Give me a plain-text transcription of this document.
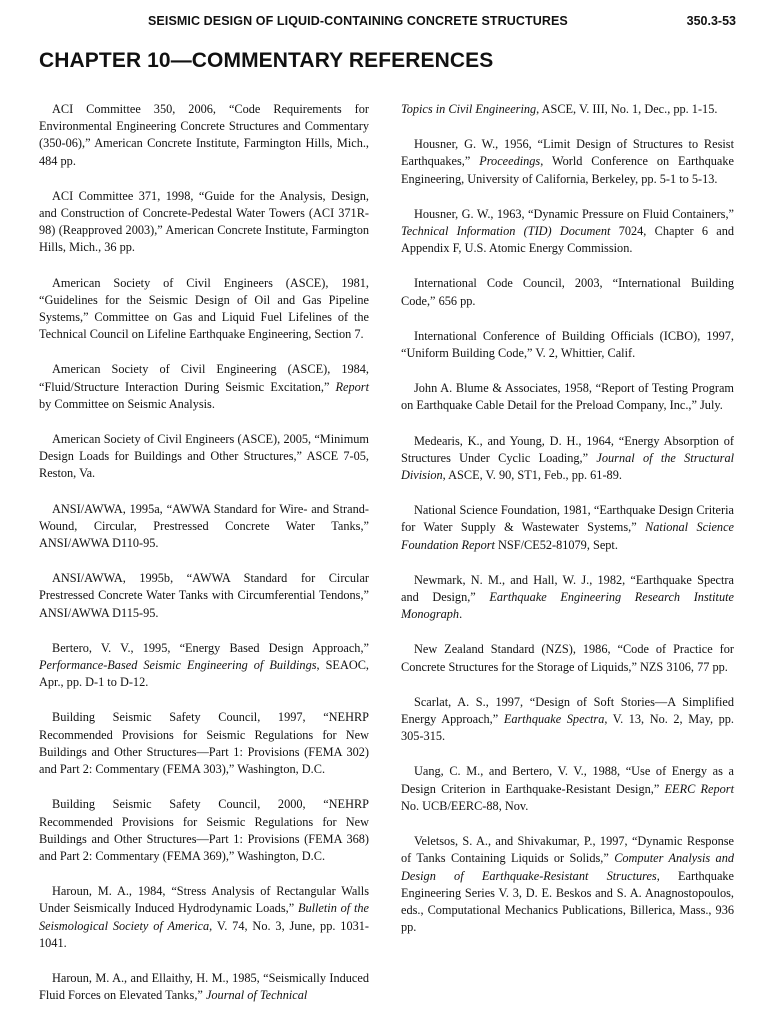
SEISMIC DESIGN OF LIQUID-CONTAINING CONCRETE STRUCTURES	350.3-53
CHAPTER 10—COMMENTARY REFERENCES

ACI Committee 350, 2006, “Code Requirements for Environmental Engineering Concrete Structures and Commentary (350-06),” American Concrete Institute, Farmington Hills, Mich., 484 pp.

ACI Committee 371, 1998, “Guide for the Analysis, Design, and Construction of Concrete-Pedestal Water Towers (ACI 371R-98) (Reapproved 2003),” American Concrete Institute, Farmington Hills, Mich., 36 pp.

American Society of Civil Engineers (ASCE), 1981, “Guidelines for the Seismic Design of Oil and Gas Pipeline Systems,” Committee on Gas and Liquid Fuel Lifelines of the Technical Council on Lifeline Earthquake Engineering, Section 7.

American Society of Civil Engineering (ASCE), 1984, “Fluid/Structure Interaction During Seismic Excitation,” Report by Committee on Seismic Analysis.

American Society of Civil Engineers (ASCE), 2005, “Minimum Design Loads for Buildings and Other Structures,” ASCE 7-05, Reston, Va.

ANSI/AWWA, 1995a, “AWWA Standard for Wire- and Strand-Wound, Circular, Prestressed Concrete Water Tanks,” ANSI/AWWA D110-95.

ANSI/AWWA, 1995b, “AWWA Standard for Circular Prestressed Concrete Water Tanks with Circumferential Tendons,” ANSI/AWWA D115-95.

Bertero, V. V., 1995, “Energy Based Design Approach,” Performance-Based Seismic Engineering of Buildings, SEAOC, Apr., pp. D-1 to D-12.

Building Seismic Safety Council, 1997, “NEHRP Recommended Provisions for Seismic Regulations for New Buildings and Other Structures—Part 1: Provisions (FEMA 302) and Part 2: Commentary (FEMA 303),” Washington, D.C.

Building Seismic Safety Council, 2000, “NEHRP Recommended Provisions for Seismic Regulations for New Buildings and Other Structures—Part 1: Provisions (FEMA 368) and Part 2: Commentary (FEMA 369),” Washington, D.C.

Haroun, M. A., 1984, “Stress Analysis of Rectangular Walls Under Seismically Induced Hydrodynamic Loads,” Bulletin of the Seismological Society of America, V. 74, No. 3, June, pp. 1031-1041.

Haroun, M. A., and Ellaithy, H. M., 1985, “Seismically Induced Fluid Forces on Elevated Tanks,” Journal of Technical

Topics in Civil Engineering, ASCE, V. III, No. 1, Dec., pp. 1-15.

Housner, G. W., 1956, “Limit Design of Structures to Resist Earthquakes,” Proceedings, World Conference on Earthquake Engineering, University of California, Berkeley, pp. 5-1 to 5-13.

Housner, G. W., 1963, “Dynamic Pressure on Fluid Containers,” Technical Information (TID) Document 7024, Chapter 6 and Appendix F, U.S. Atomic Energy Commission.

International Code Council, 2003, “International Building Code,” 656 pp.

International Conference of Building Officials (ICBO), 1997, “Uniform Building Code,” V. 2, Whittier, Calif.

John A. Blume & Associates, 1958, “Report of Testing Program on Earthquake Cable Detail for the Preload Company, Inc.,” July.

Medearis, K., and Young, D. H., 1964, “Energy Absorption of Structures Under Cyclic Loading,” Journal of the Structural Division, ASCE, V. 90, ST1, Feb., pp. 61-89.

National Science Foundation, 1981, “Earthquake Design Criteria for Water Supply & Wastewater Systems,” National Science Foundation Report NSF/CE52-81079, Sept.

Newmark, N. M., and Hall, W. J., 1982, “Earthquake Spectra and Design,” Earthquake Engineering Research Institute Monograph.

New Zealand Standard (NZS), 1986, “Code of Practice for Concrete Structures for the Storage of Liquids,” NZS 3106, 77 pp.

Scarlat, A. S., 1997, “Design of Soft Stories—A Simplified Energy Approach,” Earthquake Spectra, V. 13, No. 2, May, pp. 305-315.

Uang, C. M., and Bertero, V. V., 1988, “Use of Energy as a Design Criterion in Earthquake-Resistant Design,” EERC Report No. UCB/EERC-88, Nov.

Veletsos, S. A., and Shivakumar, P., 1997, “Dynamic Response of Tanks Containing Liquids or Solids,” Computer Analysis and Design of Earthquake-Resistant Structures, Earthquake Engineering Series V. 3, D. E. Beskos and S. A. Anagnostopoulos, eds., Computational Mechanics Publications, Billerica, Mass., 936 pp.
